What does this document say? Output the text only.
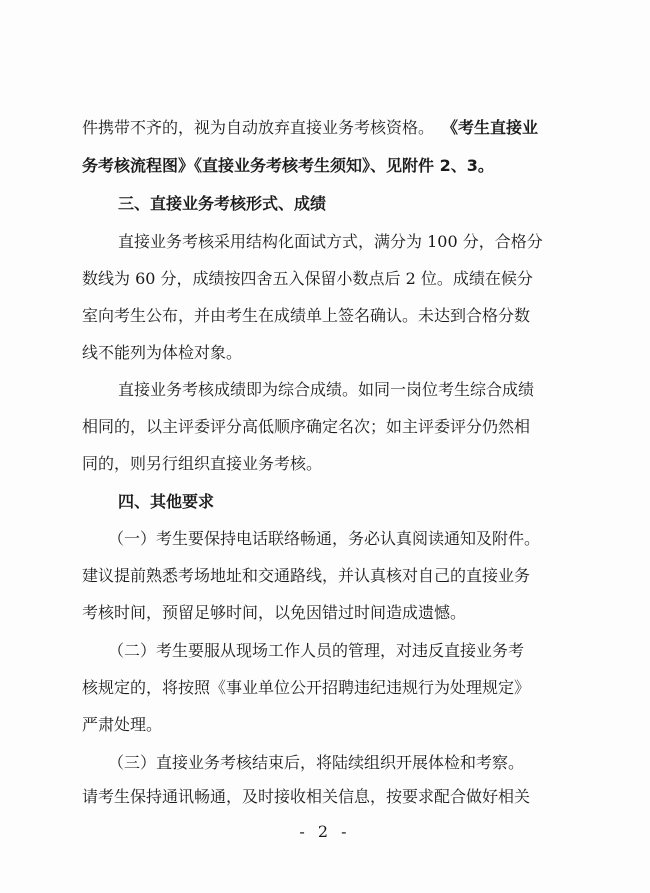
件携带不齐的，视为自动放弃直接业务考核资格。 《考生直接业
务考核流程图》《直接业务考核考生须知》、见附件 2、3。
三、直接业务考核形式、成绩
直接业务考核采用结构化面试方式，满分为 100 分，合格分
数线为 60 分，成绩按四舍五入保留小数点后 2 位。成绩在候分
室向考生公布，并由考生在成绩单上签名确认。未达到合格分数
线不能列为体检对象。
直接业务考核成绩即为综合成绩。如同一岗位考生综合成绩
相同的，以主评委评分高低顺序确定名次；如主评委评分仍然相
同的，则另行组织直接业务考核。
四、其他要求
（一）考生要保持电话联络畅通，务必认真阅读通知及附件。
建议提前熟悉考场地址和交通路线，并认真核对自己的直接业务
考核时间，预留足够时间，以免因错过时间造成遗憾。
（二）考生要服从现场工作人员的管理，对违反直接业务考
核规定的，将按照《事业单位公开招聘违纪违规行为处理规定》
严肃处理。
（三）直接业务考核结束后，将陆续组织开展体检和考察。
请考生保持通讯畅通，及时接收相关信息，按要求配合做好相关
- 2 -
